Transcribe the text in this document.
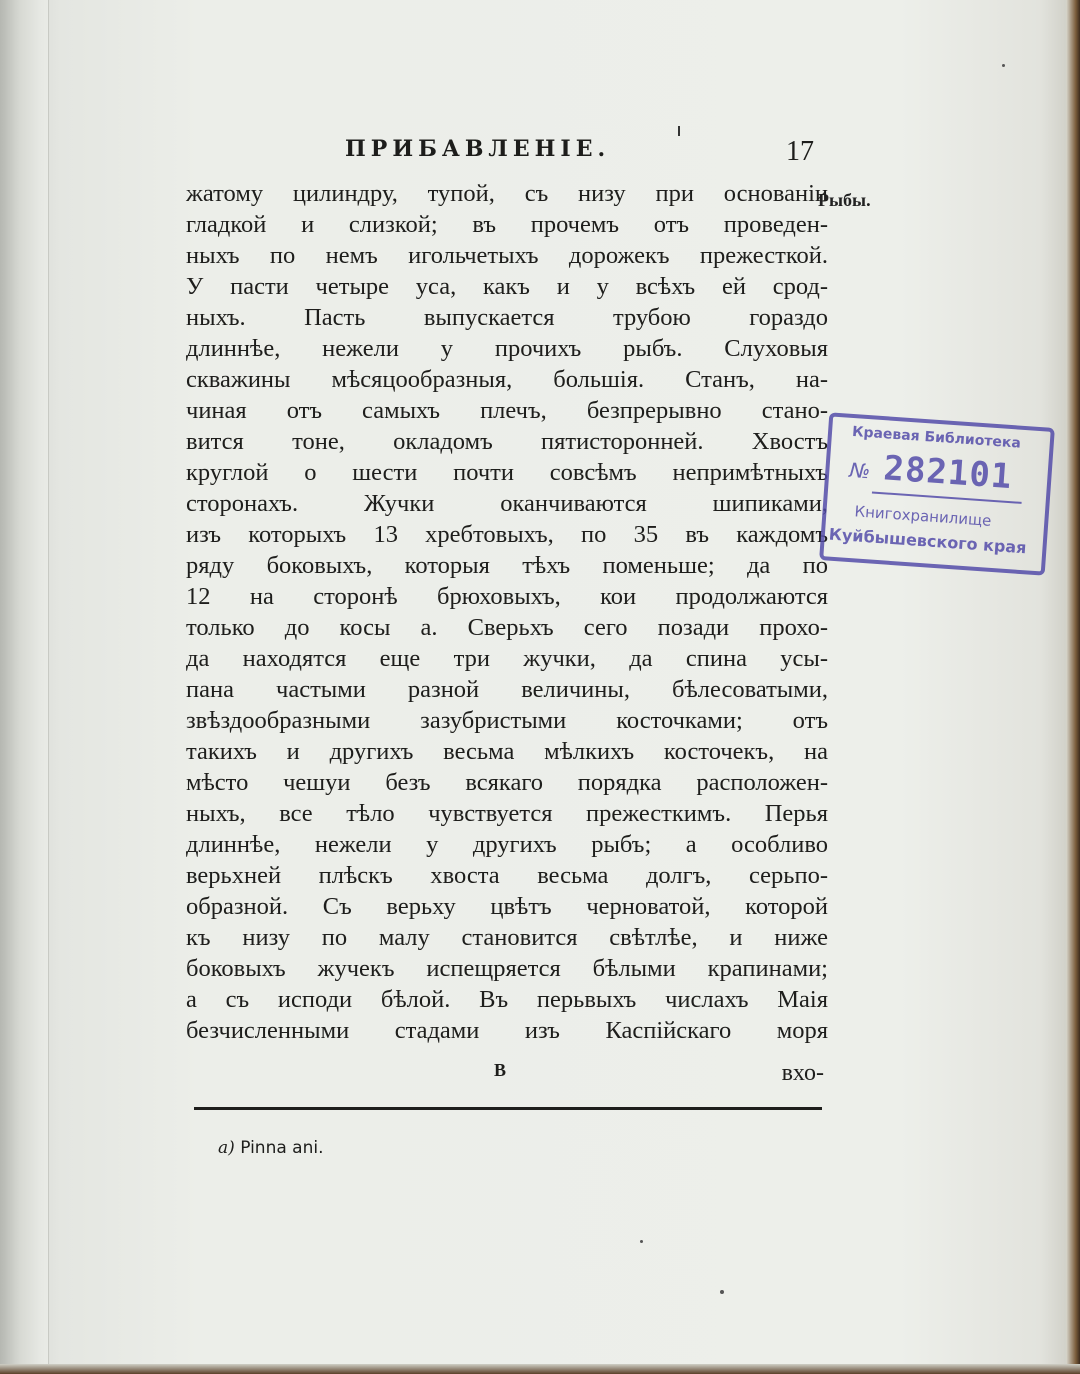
ПРИБАВЛЕНІЕ.	17
Рыбы.
жатому цилиндру, тупой, съ низу при основаніи
гладкой и слизкой; въ прочемъ отъ проведен-
ныхъ по немъ игольчетыхъ дорожекъ прежесткой.
У пасти четыре уса, какъ и у всѣхъ ей срод-
ныхъ. Пасть выпускается трубою гораздо
длиннѣе, нежели у прочихъ рыбъ. Слуховыя
скважины мѣсяцообразныя, большія. Станъ, на-
чиная отъ самыхъ плечъ, безпрерывно стано-
вится тоне, окладомъ пятисторонней. Хвостъ
круглой о шести почти совсѣмъ непримѣтныхъ
сторонахъ. Жучки оканчиваются шипиками,
изъ которыхъ 13 хребтовыхъ, по 35 въ каждомъ
ряду боковыхъ, которыя тѣхъ поменьше; да по
12 на сторонѣ брюховыхъ, кои продолжаются
только до косы a. Сверьхъ сего позади прохо-
да находятся еще три жучки, да спина усы-
пана частыми разной величины, бѣлесоватыми,
звѣздообразными зазубристыми косточками; отъ
такихъ и другихъ весьма мѣлкихъ косточекъ, на
мѣсто чешуи безъ всякаго порядка расположен-
ныхъ, все тѣло чувствуется прежесткимъ. Перья
длиннѣе, нежели у другихъ рыбъ; а особливо
верьхней плѣскъ хвоста весьма долгъ, серьпо-
образной. Съ верьху цвѣтъ черноватой, которой
къ низу по малу становится свѣтлѣе, и ниже
боковыхъ жучекъ испещряется бѣлыми крапинами;
а съ исподи бѣлой. Въ перьвыхъ числахъ Маія
безчисленными стадами изъ Каспійскаго моря
B	вхо-
a) Pinna ani.
Краевая Библиотека
№ 282101
Книгохранилище
Куйбышевского края
